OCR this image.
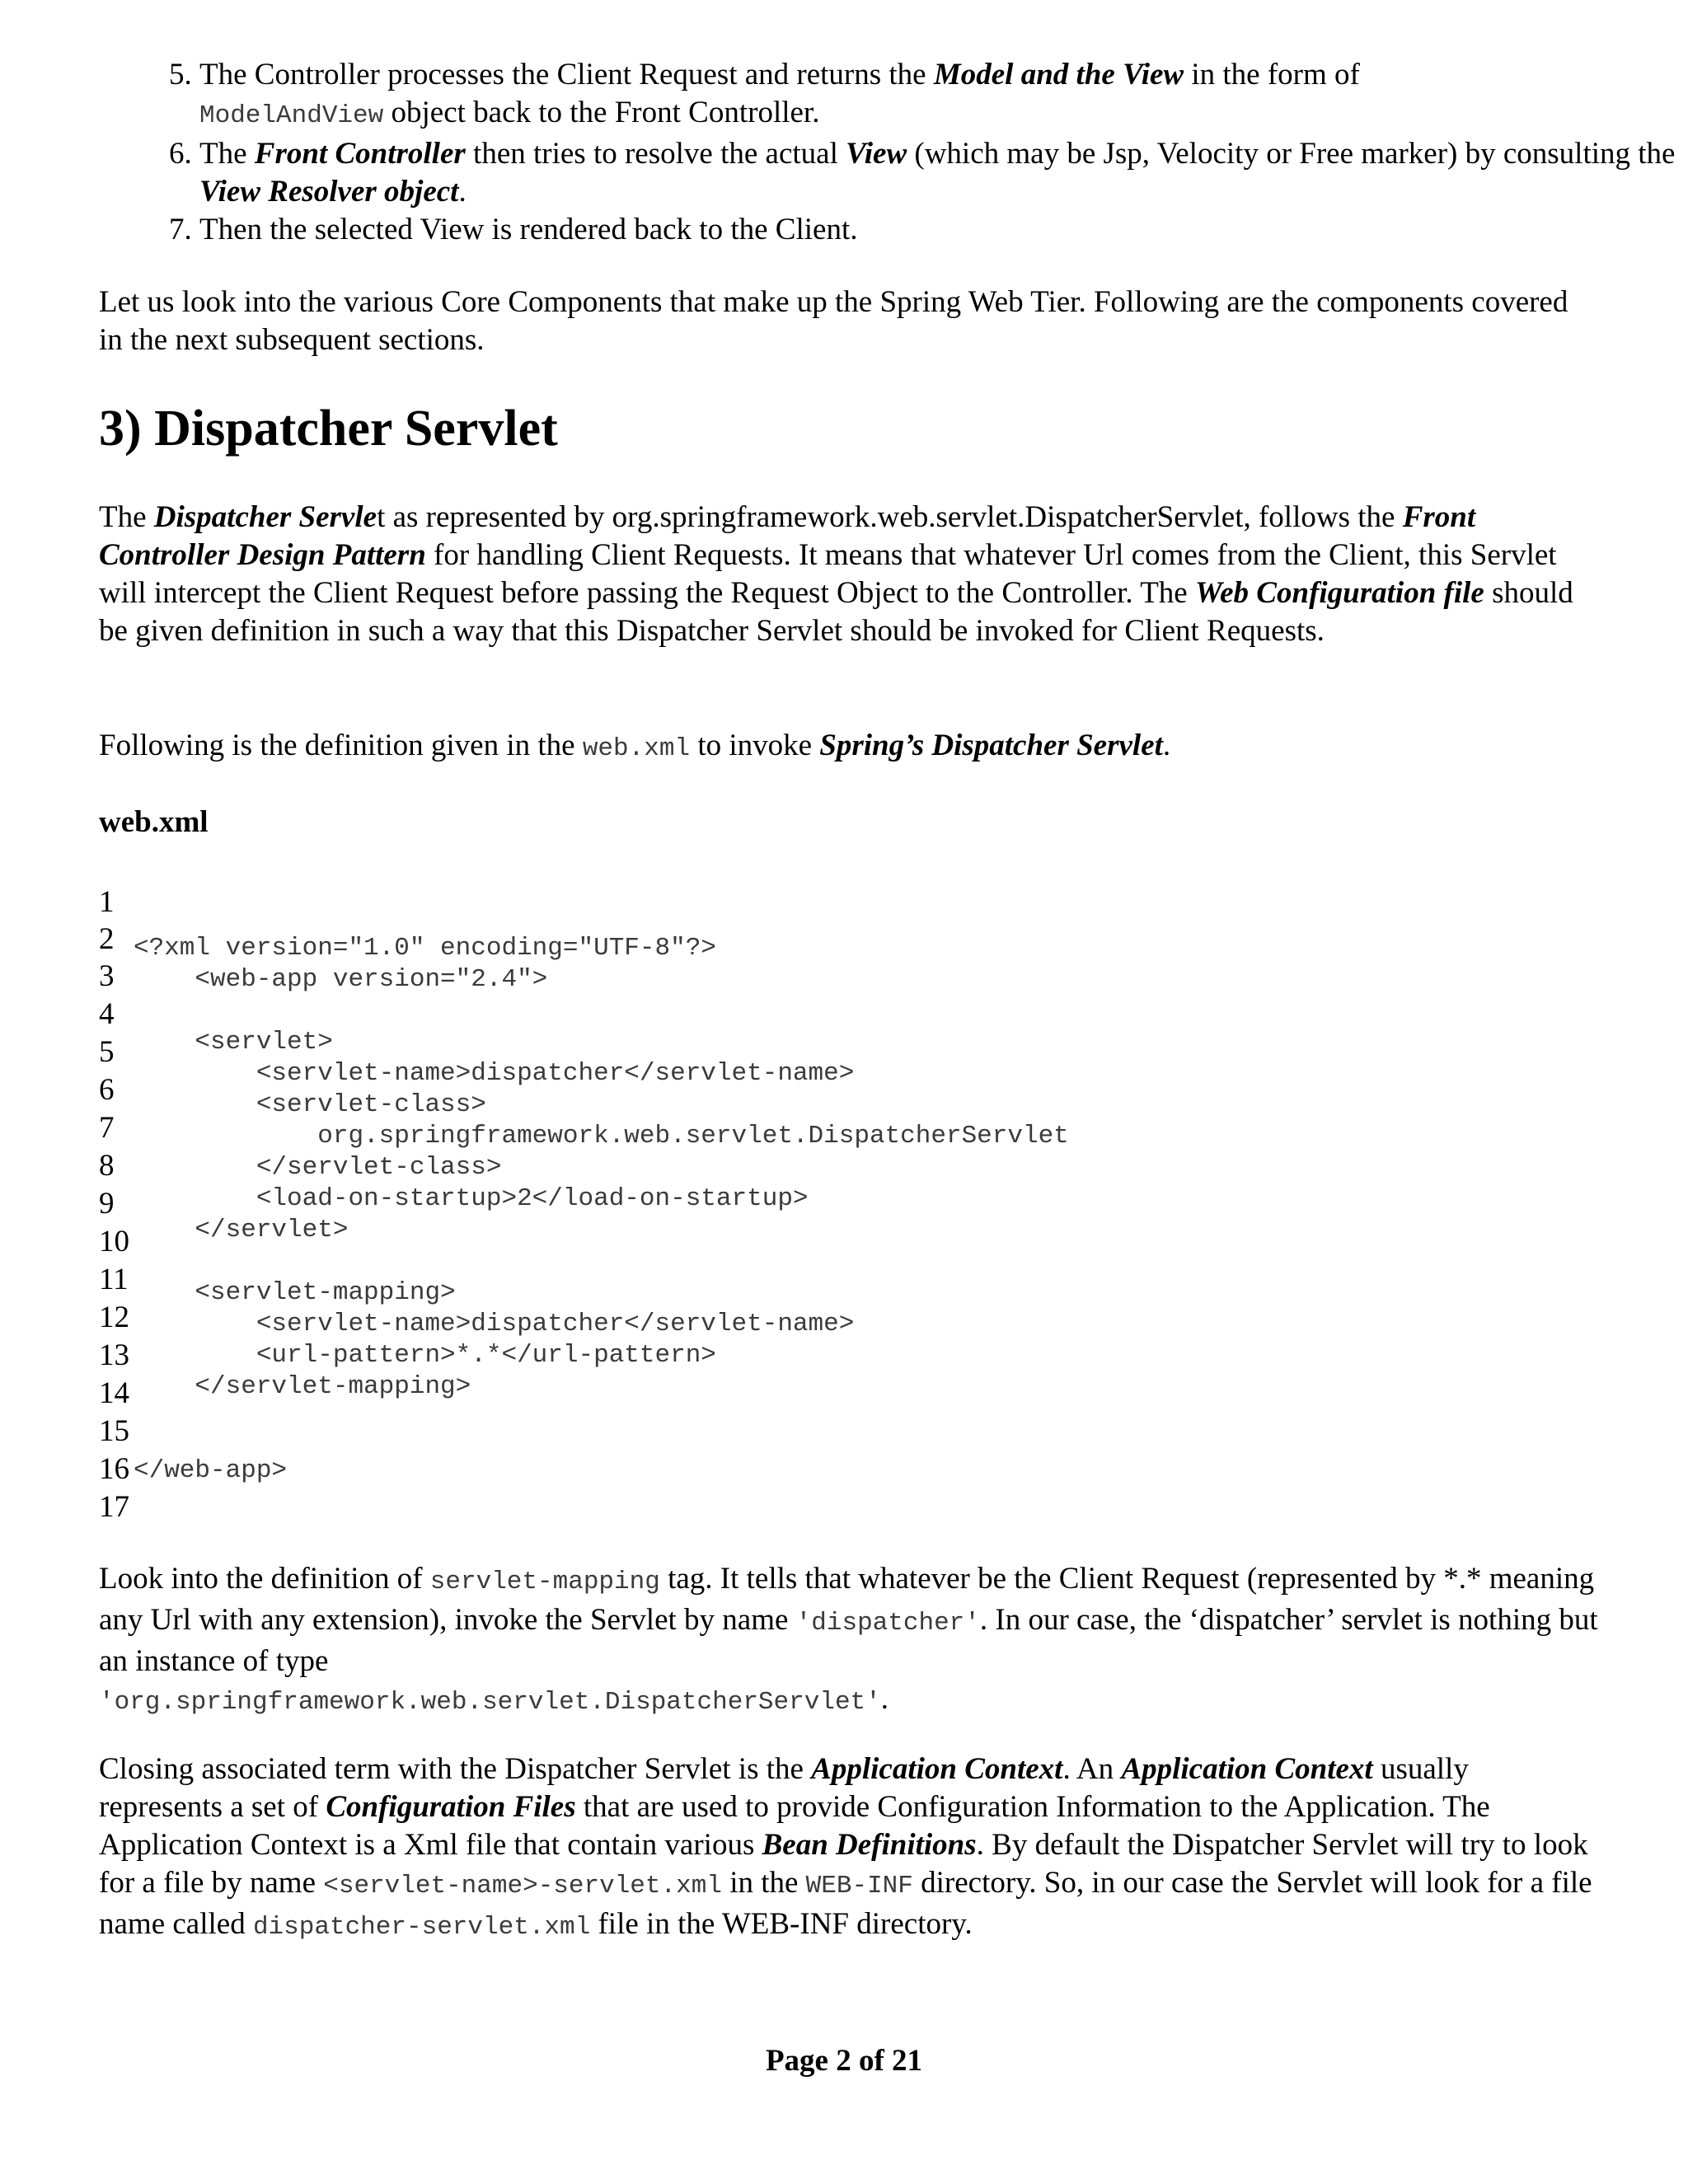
5. The Controller processes the Client Request and returns the Model and the View in the form of
ModelAndView object back to the Front Controller.
6. The Front Controller then tries to resolve the actual View (which may be Jsp, Velocity or Free marker) by consulting the View Resolver object.
7. Then the selected View is rendered back to the Client.

Let us look into the various Core Components that make up the Spring Web Tier. Following are the components covered in the next subsequent sections.

3) Dispatcher Servlet

The Dispatcher Servlet as represented by org.springframework.web.servlet.DispatcherServlet, follows the Front Controller Design Pattern for handling Client Requests. It means that whatever Url comes from the Client, this Servlet will intercept the Client Request before passing the Request Object to the Controller. The Web Configuration file should be given definition in such a way that this Dispatcher Servlet should be invoked for Client Requests.

Following is the definition given in the web.xml to invoke Spring’s Dispatcher Servlet.

web.xml

1
2
3
4
5
6
7
8
9
10
11
12
13
14
15
16
17
<?xml version="1.0" encoding="UTF-8"?>
<web-app version="2.4">
<servlet>
<servlet-name>dispatcher</servlet-name>
<servlet-class>
org.springframework.web.servlet.DispatcherServlet
</servlet-class>
<load-on-startup>2</load-on-startup>
</servlet>
<servlet-mapping>
<servlet-name>dispatcher</servlet-name>
<url-pattern>*.*</url-pattern>
</servlet-mapping>
</web-app>

Look into the definition of servlet-mapping tag. It tells that whatever be the Client Request (represented by *.* meaning any Url with any extension), invoke the Servlet by name 'dispatcher'. In our case, the ‘dispatcher’ servlet is nothing but an instance of type
'org.springframework.web.servlet.DispatcherServlet'.

Closing associated term with the Dispatcher Servlet is the Application Context. An Application Context usually represents a set of Configuration Files that are used to provide Configuration Information to the Application. The Application Context is a Xml file that contain various Bean Definitions. By default the Dispatcher Servlet will try to look for a file by name <servlet-name>-servlet.xml in the WEB-INF directory. So, in our case the Servlet will look for a file name called dispatcher-servlet.xml file in the WEB-INF directory.

Page 2 of 21
